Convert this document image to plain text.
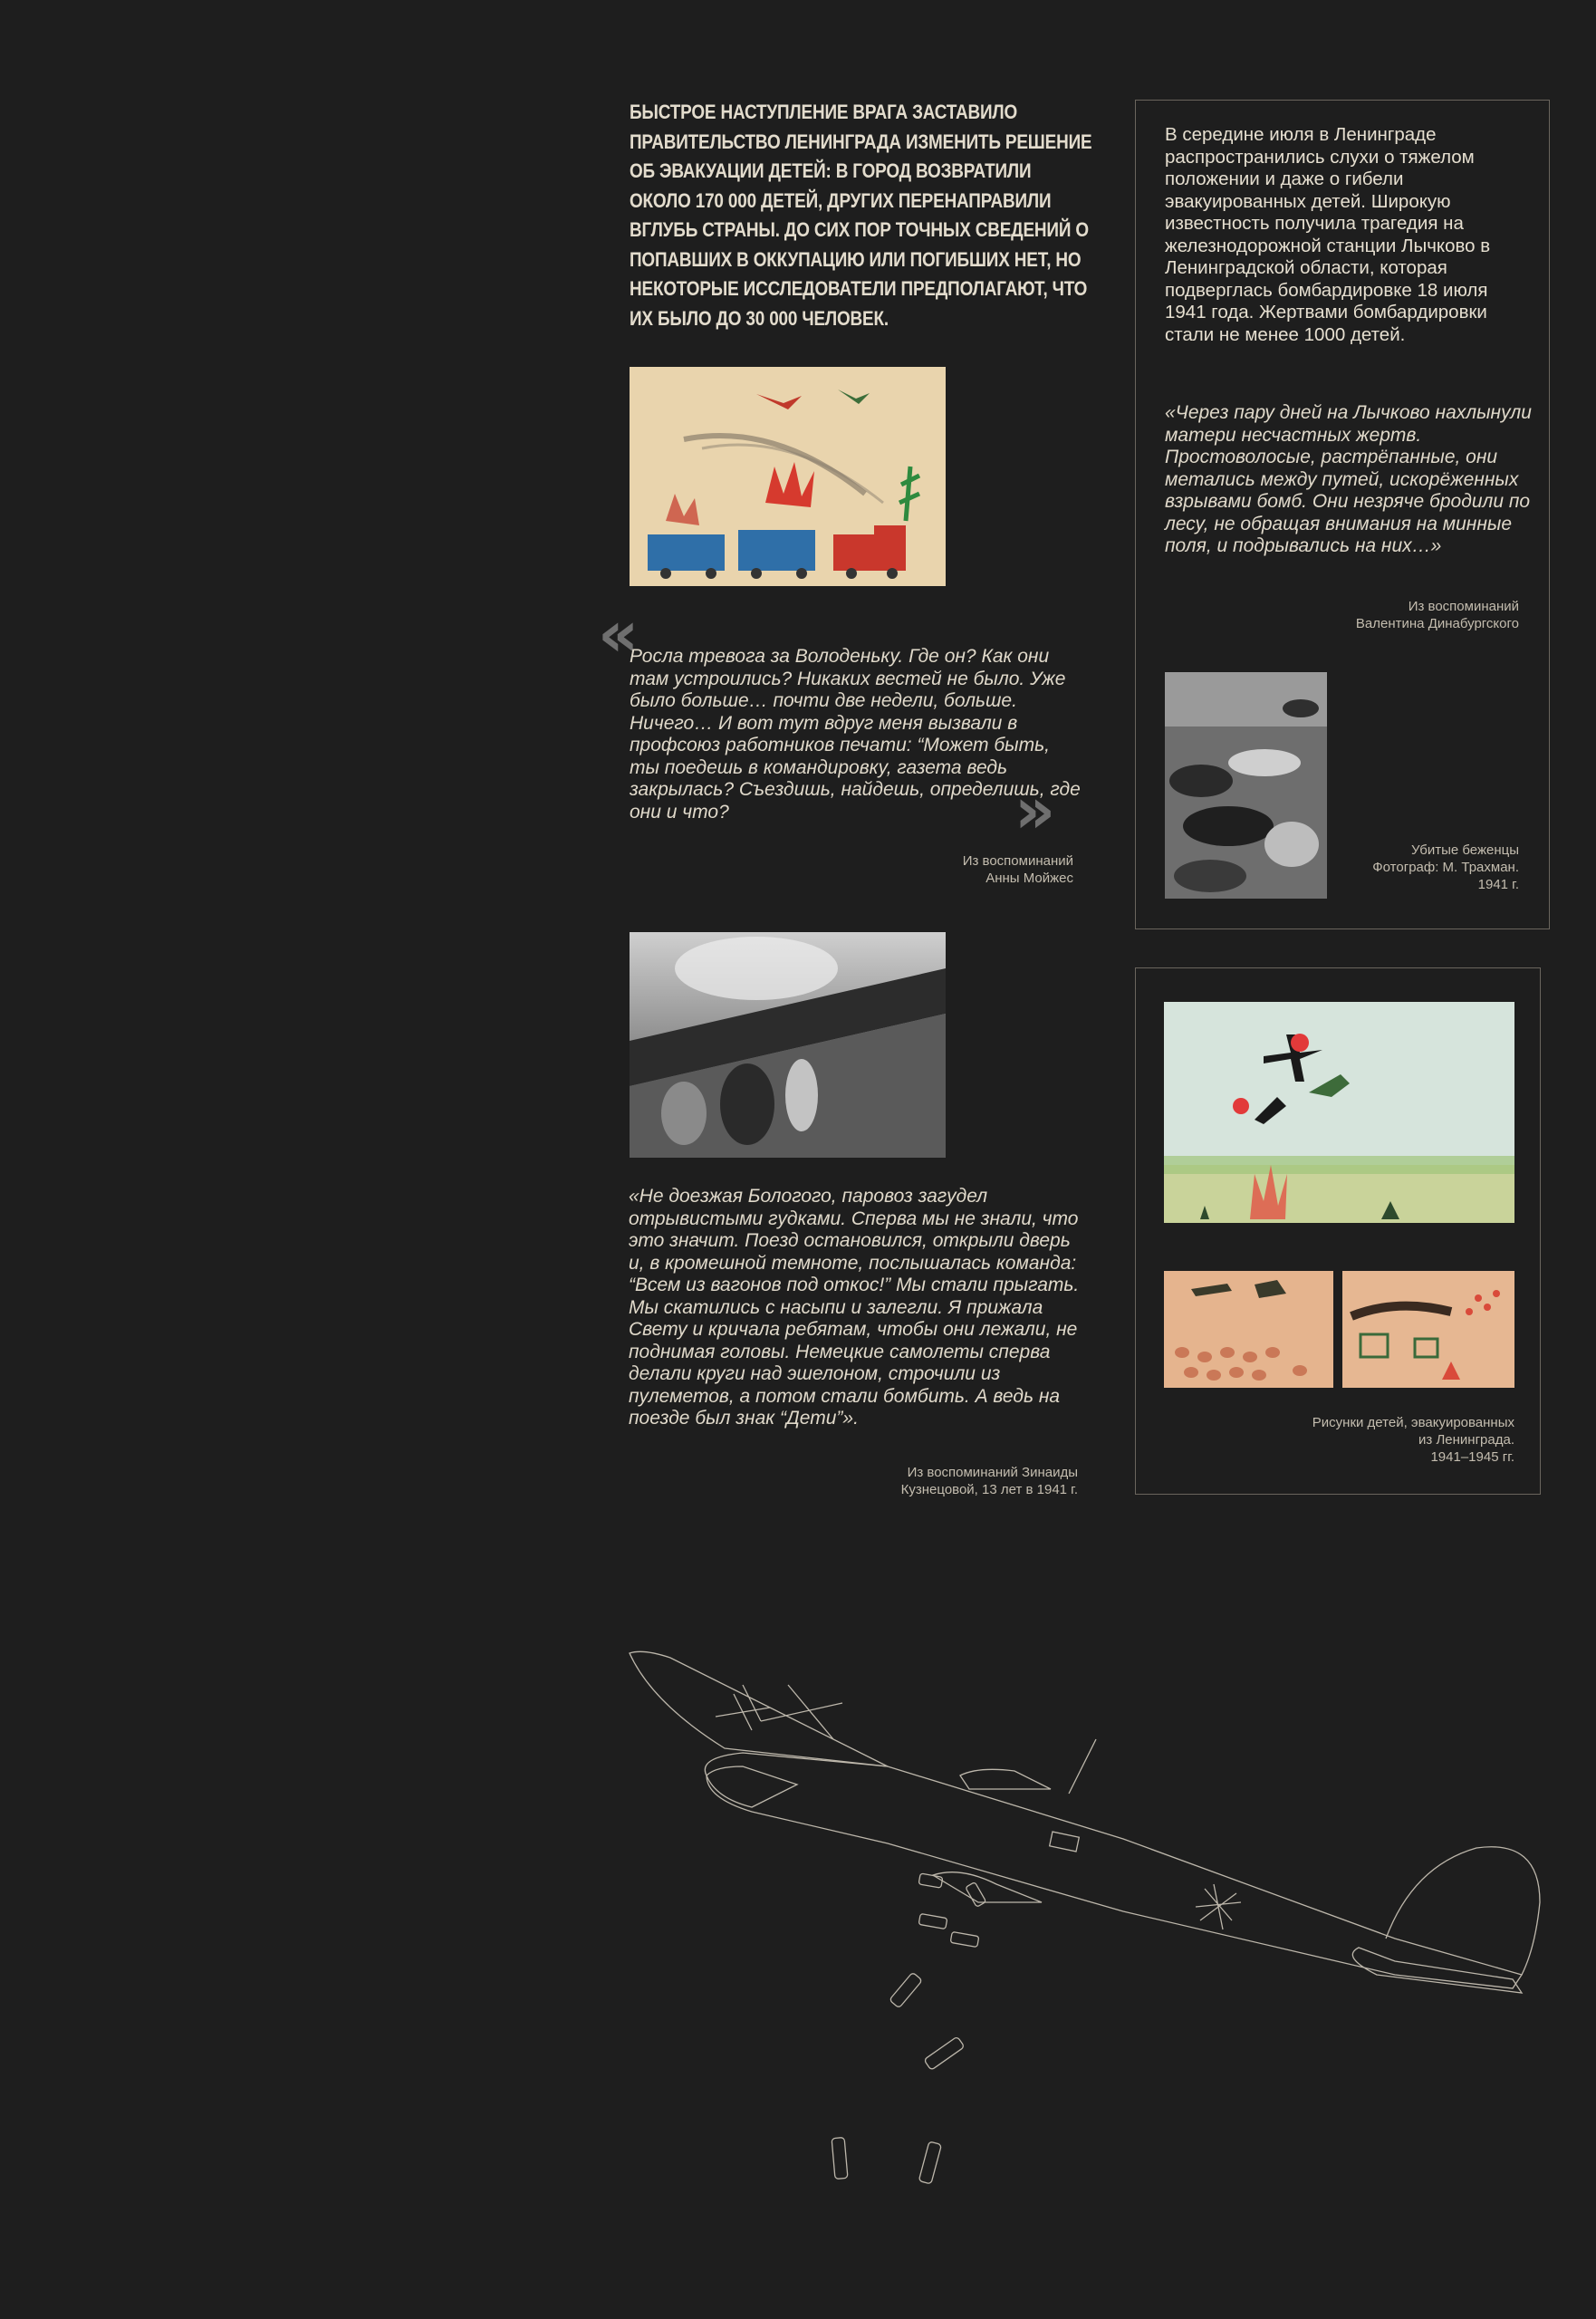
БЫСТРОЕ НАСТУПЛЕНИЕ ВРАГА ЗАСТАВИЛО ПРАВИТЕЛЬСТВО ЛЕНИНГРАДА ИЗМЕНИТЬ РЕШЕНИЕ ОБ ЭВАКУАЦИИ ДЕТЕЙ: В ГОРОД ВОЗВРАТИЛИ ОКОЛО 170 000 ДЕТЕЙ, ДРУГИХ ПЕРЕНАПРАВИЛИ ВГЛУБЬ СТРАНЫ. ДО СИХ ПОР ТОЧНЫХ СВЕДЕНИЙ О ПОПАВШИХ В ОККУПАЦИЮ ИЛИ ПОГИБШИХ НЕТ, НО НЕКОТОРЫЕ ИССЛЕДОВАТЕЛИ ПРЕДПОЛАГАЮТ, ЧТО ИХ БЫЛО ДО 30 000 ЧЕЛОВЕК.
«
Росла тревога за Володеньку. Где он? Как они там устроились? Никаких вестей не было. Уже было больше… почти две недели, больше. Ничего… И вот тут вдруг меня вызвали в профсоюз работников печати: “Может быть, ты поедешь в командировку, газета ведь закрылась? Съездишь, найдешь, определишь, где они и что?	»
Из воспоминаний
Анны Мойжес
«Не доезжая Бологого, паровоз загудел отрывистыми гудками. Сперва мы не знали, что это значит. Поезд остановился, открыли дверь и, в кромешной темноте, послышалась команда: “Всем из вагонов под откос!” Мы стали прыгать. Мы скатились с насыпи и залегли. Я прижала Свету и кричала ребятам, чтобы они лежали, не поднимая головы. Немецкие самолеты сперва делали круги над эшелоном, строчили из пулеметов, а потом стали бомбить. А ведь на поезде был знак “Дети”».
Из воспоминаний Зинаиды
Кузнецовой, 13 лет в 1941 г.
В середине июля в Ленинграде распространились слухи о тяжелом положении и даже о гибели эвакуированных детей. Широкую известность получила трагедия на железнодорожной станции Лычково в Ленинградской области, которая подверглась бомбардировке 18 июля 1941 года. Жертвами бомбардировки стали не менее 1000 детей.
«Через пару дней на Лычково нахлынули матери несчастных жертв. Простоволосые, растрёпанные, они метались между путей, искорёженных взрывами бомб. Они незряче бродили по лесу, не обращая внимания на минные поля, и подрывались на них…»
Из воспоминаний
Валентина Динабургского
Убитые беженцы
Фотограф: М. Трахман.
1941 г.
Рисунки детей, эвакуированных
из Ленинграда.
1941–1945 гг.
